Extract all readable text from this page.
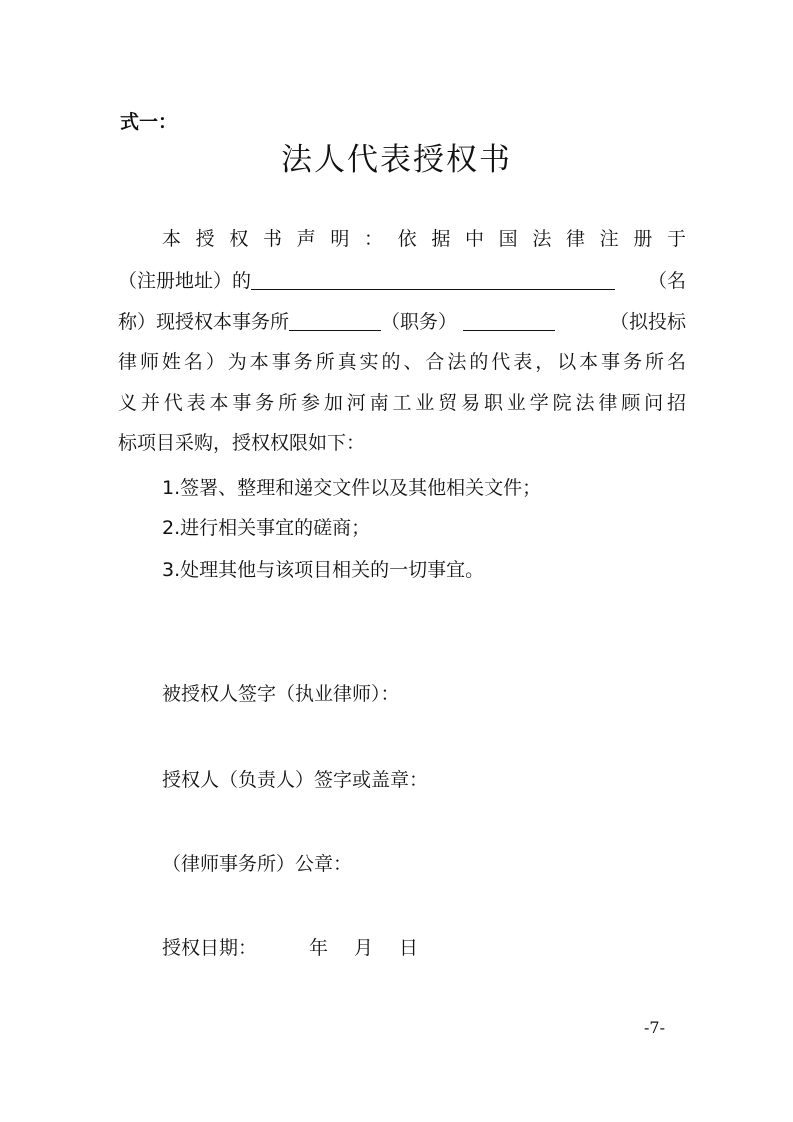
式一：
法人代表授权书
本授权书声明：依据中国法律注册于
（注册地址）的	（名
称）现授权本事务所	（职务）	（拟投标
律师姓名）为本事务所真实的、合法的代表，以本事务所名
义并代表本事务所参加河南工业贸易职业学院法律顾问招
标项目采购，授权权限如下：
1.签署、整理和递交文件以及其他相关文件；
2.进行相关事宜的磋商；
3.处理其他与该项目相关的一切事宜。
被授权人签字（执业律师）：
授权人（负责人）签字或盖章：
（律师事务所）公章：
授权日期：	年 月 日
-7-
